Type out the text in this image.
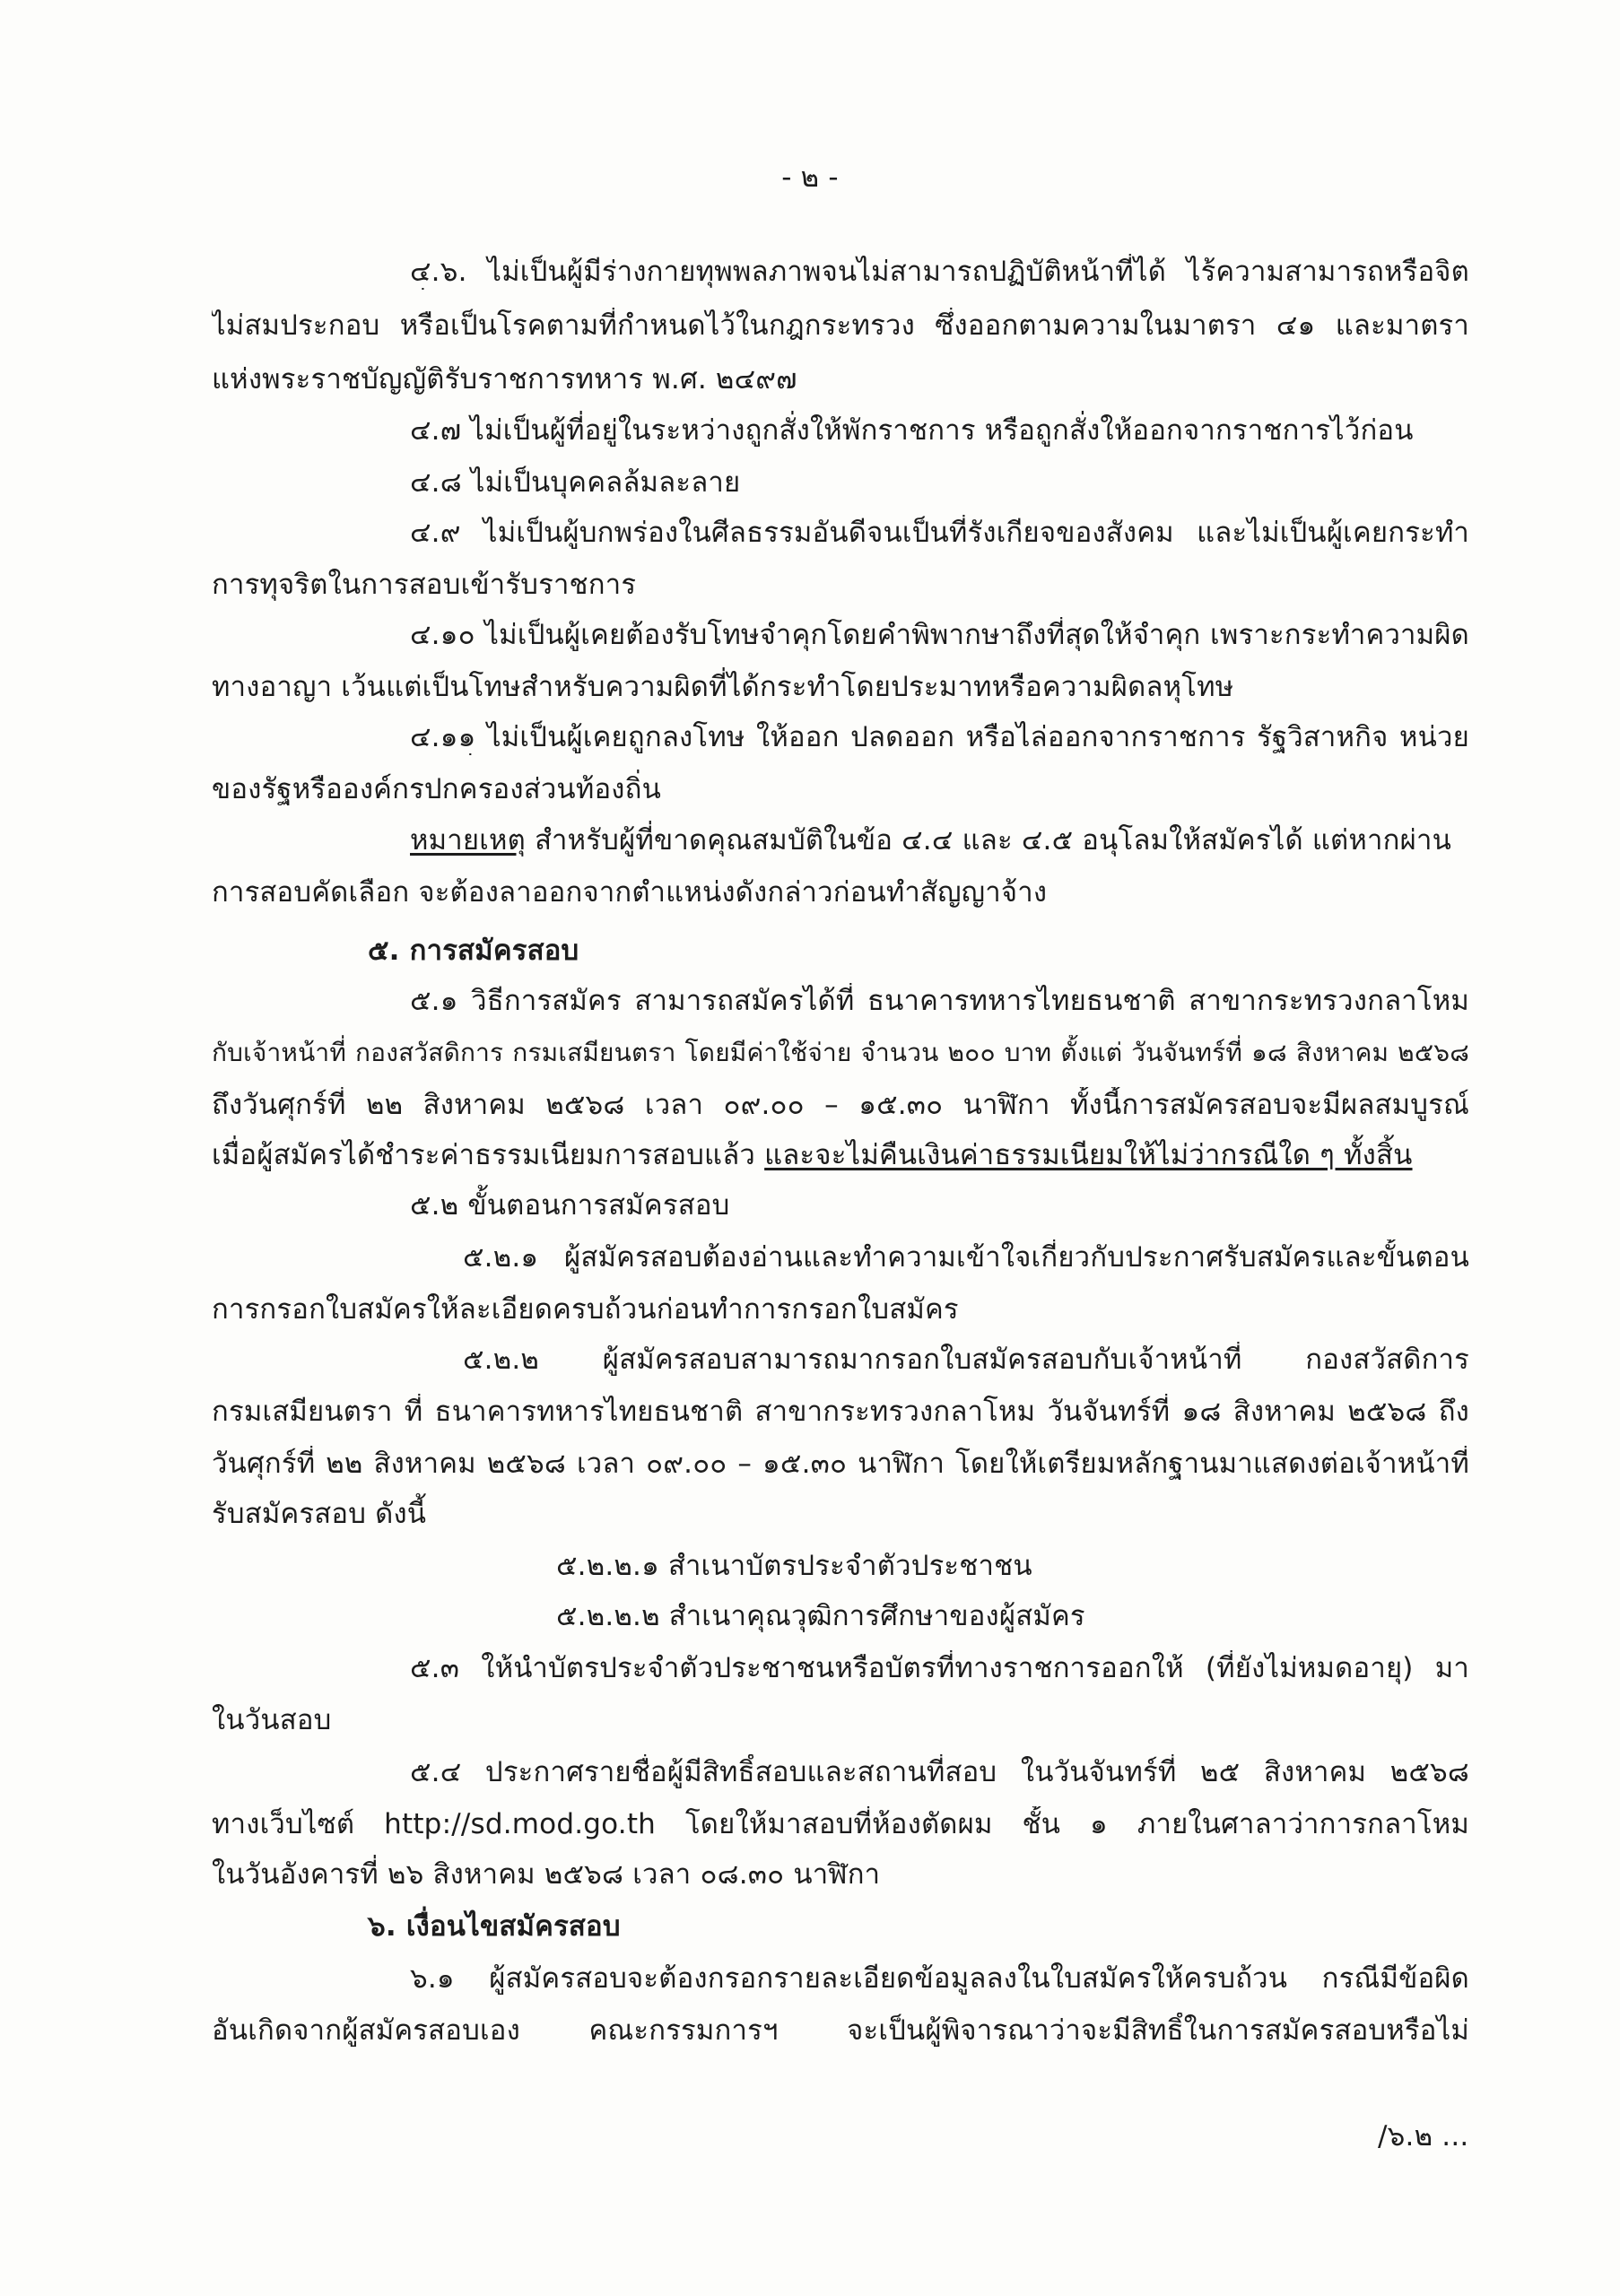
- ๒ -
๔.๖. ไม่เป็นผู้มีร่างกายทุพพลภาพจนไม่สามารถปฏิบัติหน้าที่ได้ ไร้ความสามารถหรือจิต
ไม่สมประกอบ หรือเป็นโรคตามที่กำหนดไว้ในกฎกระทรวง ซึ่งออกตามความในมาตรา ๔๑ และมาตรา
แห่งพระราชบัญญัติรับราชการทหาร พ.ศ. ๒๔๙๗
๔.๗ ไม่เป็นผู้ที่อยู่ในระหว่างถูกสั่งให้พักราชการ หรือถูกสั่งให้ออกจากราชการไว้ก่อน
๔.๘ ไม่เป็นบุคคลล้มละลาย
๔.๙ ไม่เป็นผู้บกพร่องในศีลธรรมอันดีจนเป็นที่รังเกียจของสังคม และไม่เป็นผู้เคยกระทำ
การทุจริตในการสอบเข้ารับราชการ
๔.๑๐ ไม่เป็นผู้เคยต้องรับโทษจำคุกโดยคำพิพากษาถึงที่สุดให้จำคุก เพราะกระทำความผิด
ทางอาญา เว้นแต่เป็นโทษสำหรับความผิดที่ได้กระทำโดยประมาทหรือความผิดลหุโทษ
๔.๑๑ ไม่เป็นผู้เคยถูกลงโทษ ให้ออก ปลดออก หรือไล่ออกจากราชการ รัฐวิสาหกิจ หน่วย
ของรัฐหรือองค์กรปกครองส่วนท้องถิ่น
หมายเหตุ สำหรับผู้ที่ขาดคุณสมบัติในข้อ ๔.๔ และ ๔.๕ อนุโลมให้สมัครได้ แต่หากผ่าน
การสอบคัดเลือก จะต้องลาออกจากตำแหน่งดังกล่าวก่อนทำสัญญาจ้าง
๕. การสมัครสอบ
๕.๑ วิธีการสมัคร สามารถสมัครได้ที่ ธนาคารทหารไทยธนชาติ สาขากระทรวงกลาโหม
กับเจ้าหน้าที่ กองสวัสดิการ กรมเสมียนตรา โดยมีค่าใช้จ่าย จำนวน ๒๐๐ บาท ตั้งแต่ วันจันทร์ที่ ๑๘ สิงหาคม ๒๕๖๘
ถึงวันศุกร์ที่ ๒๒ สิงหาคม ๒๕๖๘ เวลา ๐๙.๐๐ – ๑๕.๓๐ นาฬิกา ทั้งนี้การสมัครสอบจะมีผลสมบูรณ์
เมื่อผู้สมัครได้ชำระค่าธรรมเนียมการสอบแล้ว และจะไม่คืนเงินค่าธรรมเนียมให้ไม่ว่ากรณีใด ๆ ทั้งสิ้น
๕.๒ ขั้นตอนการสมัครสอบ
๕.๒.๑ ผู้สมัครสอบต้องอ่านและทำความเข้าใจเกี่ยวกับประกาศรับสมัครและขั้นตอน
การกรอกใบสมัครให้ละเอียดครบถ้วนก่อนทำการกรอกใบสมัคร
๕.๒.๒ ผู้สมัครสอบสามารถมากรอกใบสมัครสอบกับเจ้าหน้าที่ กองสวัสดิการ
กรมเสมียนตรา ที่ ธนาคารทหารไทยธนชาติ สาขากระทรวงกลาโหม วันจันทร์ที่ ๑๘ สิงหาคม ๒๕๖๘ ถึง
วันศุกร์ที่ ๒๒ สิงหาคม ๒๕๖๘ เวลา ๐๙.๐๐ – ๑๕.๓๐ นาฬิกา โดยให้เตรียมหลักฐานมาแสดงต่อเจ้าหน้าที่
รับสมัครสอบ ดังนี้
๕.๒.๒.๑ สำเนาบัตรประจำตัวประชาชน
๕.๒.๒.๒ สำเนาคุณวุฒิการศึกษาของผู้สมัคร
๕.๓ ให้นำบัตรประจำตัวประชาชนหรือบัตรที่ทางราชการออกให้ (ที่ยังไม่หมดอายุ) มา
ในวันสอบ
๕.๔ ประกาศรายชื่อผู้มีสิทธิ์สอบและสถานที่สอบ ในวันจันทร์ที่ ๒๕ สิงหาคม ๒๕๖๘
ทางเว็บไซต์ http://sd.mod.go.th โดยให้มาสอบที่ห้องตัดผม ชั้น ๑ ภายในศาลาว่าการกลาโหม
ในวันอังคารที่ ๒๖ สิงหาคม ๒๕๖๘ เวลา ๐๘.๓๐ นาฬิกา
๖. เงื่อนไขสมัครสอบ
๖.๑ ผู้สมัครสอบจะต้องกรอกรายละเอียดข้อมูลลงในใบสมัครให้ครบถ้วน กรณีมีข้อผิด
อันเกิดจากผู้สมัครสอบเอง คณะกรรมการฯ จะเป็นผู้พิจารณาว่าจะมีสิทธิ์ในการสมัครสอบหรือไม่
/๖.๒ ...
